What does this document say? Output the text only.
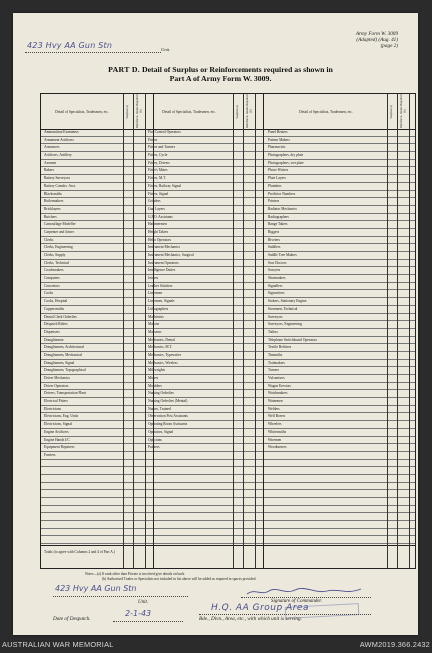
423 Hvy AA Gun Stn	Unit.
Army Form W. 3009
(Adapted) (Aug. 41)
(page 2)
PART D. Detail of Surplus or Reinforcements required as shown in
Part A of Army Form W. 3009.
Detail of Specialists, Tradesmen, etc.	Surplus (a) Reinforce- ments Required (b)	Detail of Specialists, Tradesmen, etc.	Surplus (a) Reinforce- ments Required (b)	Detail of Specialists, Tradesmen, etc.	Surplus (a) Reinforce- ments Required (b)
Ammunition Examiners	Fire Control Operators	Panel Beaters
Armament Artificers	Fitters	Pattern Makers
Armourers	Fitters and Turners	Pharmacists
Artificers, Artillery	Fitters, Cycle	Photographers, dry plate
Axemen	Fitters, Drivers	Photographers, wet plate
Bakers	Fitter's Mates	Photo-Writers
Battery Surveyors	Fitters, M.T.	Plate Layers
Battery Comdrs. Asst.	Fitters, Railway Signal	Plumbers
Blacksmiths	Fitters, Signal	Predictor Numbers
Boilermakers	Grinders	Printers
Bricklayers	Gun Layers	Radiator Mechanics
Butchers	G.P.O. Assistants	Radiographers
Camouflage Modeller	Hammermen	Range Takers
Carpenter and Joiner	Height Takers	Riggers
Clerks	Helio Operators	Riveters
Clerks, Engineering	Instrument Mechanics	Saddlers
Clerks, Supply	Instrument Mechanics, Surgical	Saddle Tree Makers
Clerks, Technical	Instrument Operators	Saw Doctors
Coachmakers	Intelligence Duties	Sawyers
Computers	Joiners	Shoemakers
Concretors	Leather Stitchers	Signallers
Cooks	Linesmen	Signwriters
Cooks, Hospital	Linesmen, Signals	Stokers, Stationary Engine
Coppersmiths	Lithographers	Storemen, Technical
Dental Clerk Orderlies	Machinists	Surveyors
Despatch Riders	Masons	Surveyors, Engineering
Dispensers	Masseurs	Tailors
Draughtsmen	Mechanics, Dental	Telephone Switchboard Operators
Draughtsmen, Architectural	Mechanics, M.T.	Textile Refitters
Draughtsmen, Mechanical	Mechanics, Typewriter	Tinsmiths
Draughtsmen, Signal	Mechanics, Wireless	Toolmakers
Draughtsmen, Topographical	Millwrights	Turners
Driver Mechanics	Miners	Vulcanisers
Driver Operators	Moulders	Wagon Erectors
Drivers, Transportation Plant	Nursing Orderlies	Watchmakers
Electrical Fitters	Nursing Orderlies (Mental)	Watermen
Electricians	Nurses, Trained	Welders
Electricians, Eng. Units	Observation Post Assistants	Well Borers
Electricians, Signal	Operating Room Assistants	Wheelers
Engine Artificers	Operators, Signal	Whitesmiths
Engine Hands I/C	Opticians	Wiremen
Equipment Repairers	Painters	Woodturners
Furriers
Totals (to agree with Columns 2 and 4 of Part A.)
Notes—(a) If rank other than Private is involved give details on back.
(b) Authorised Trades or Specialists not included in list above will be added as required in spaces provided.
423 Hvy AA Gun Stn
Unit.	Signature of Commander.
Date of Despatch.
2-1-43
H.Q. AA Group Area
Bde., Divn., Area, etc., with which unit is serving.
AUSTRALIAN WAR MEMORIAL	AWM2019.366.2432
